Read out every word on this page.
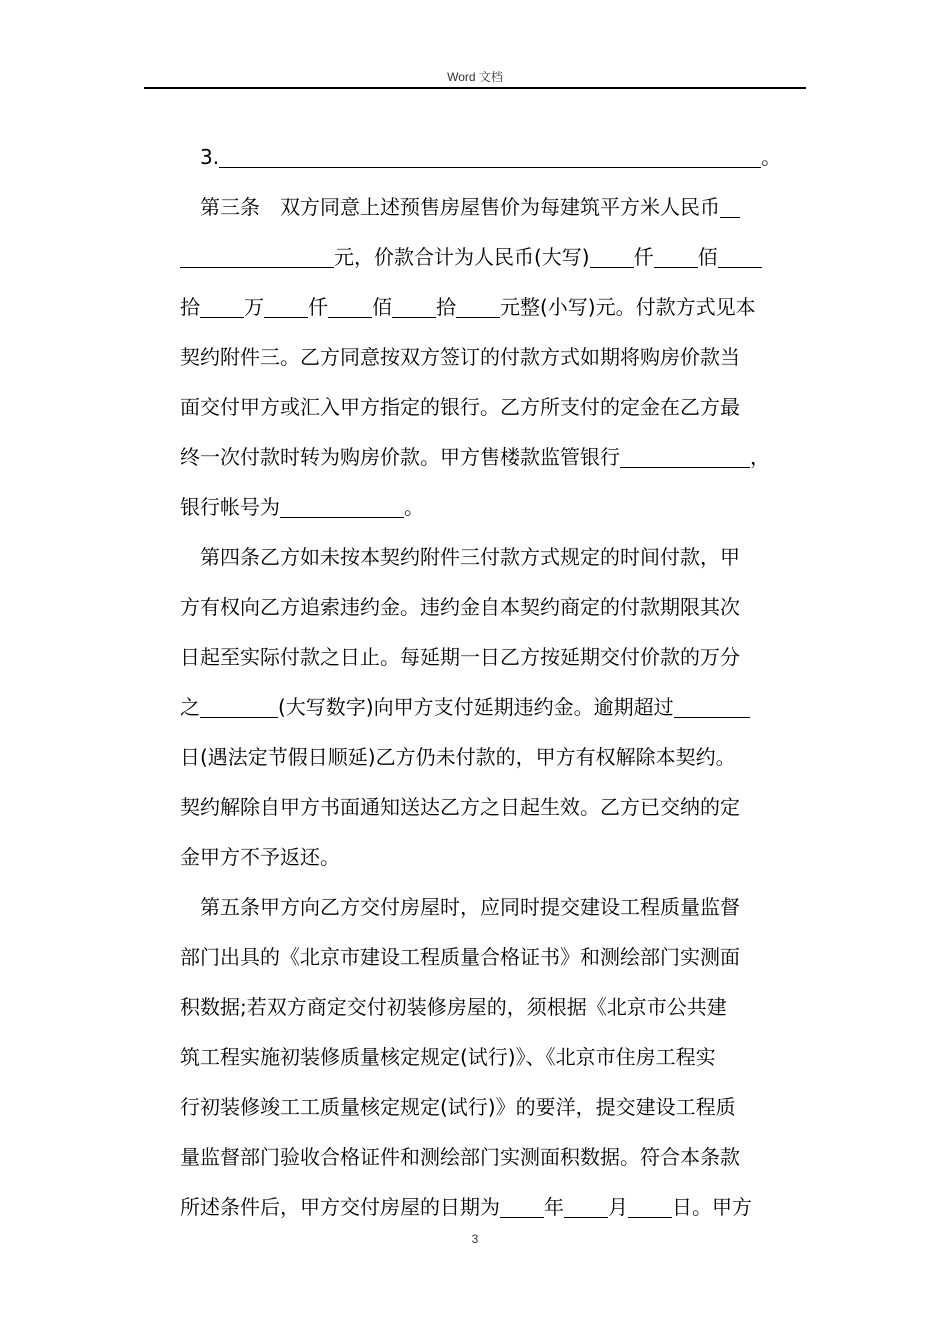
Word 文档
3.	。
第三条　双方同意上述预售房屋售价为每建筑平方米人民币
元，价款合计为人民币(大写) 仟 佰
拾 万 仟 佰 拾 元整(小写)元。付款方式见本
契约附件三。乙方同意按双方签订的付款方式如期将购房价款当
面交付甲方或汇入甲方指定的银行。乙方所支付的定金在乙方最
终一次付款时转为购房价款。甲方售楼款监管银行	，
银行帐号为	。
第四条乙方如未按本契约附件三付款方式规定的时间付款，甲
方有权向乙方追索违约金。违约金自本契约商定的付款期限其次
日起至实际付款之日止。每延期一日乙方按延期交付价款的万分
之	(大写数字)向甲方支付延期违约金。逾期超过
日(遇法定节假日顺延)乙方仍未付款的，甲方有权解除本契约。
契约解除自甲方书面通知送达乙方之日起生效。乙方已交纳的定
金甲方不予返还。
第五条甲方向乙方交付房屋时，应同时提交建设工程质量监督
部门出具的《北京市建设工程质量合格证书》和测绘部门实测面
积数据;若双方商定交付初装修房屋的，须根据《北京市公共建
筑工程实施初装修质量核定规定(试行)》、《北京市住房工程实
行初装修竣工工质量核定规定(试行)》的要洋，提交建设工程质
量监督部门验收合格证件和测绘部门实测面积数据。符合本条款
所述条件后，甲方交付房屋的日期为 年 月 日。甲方
3
